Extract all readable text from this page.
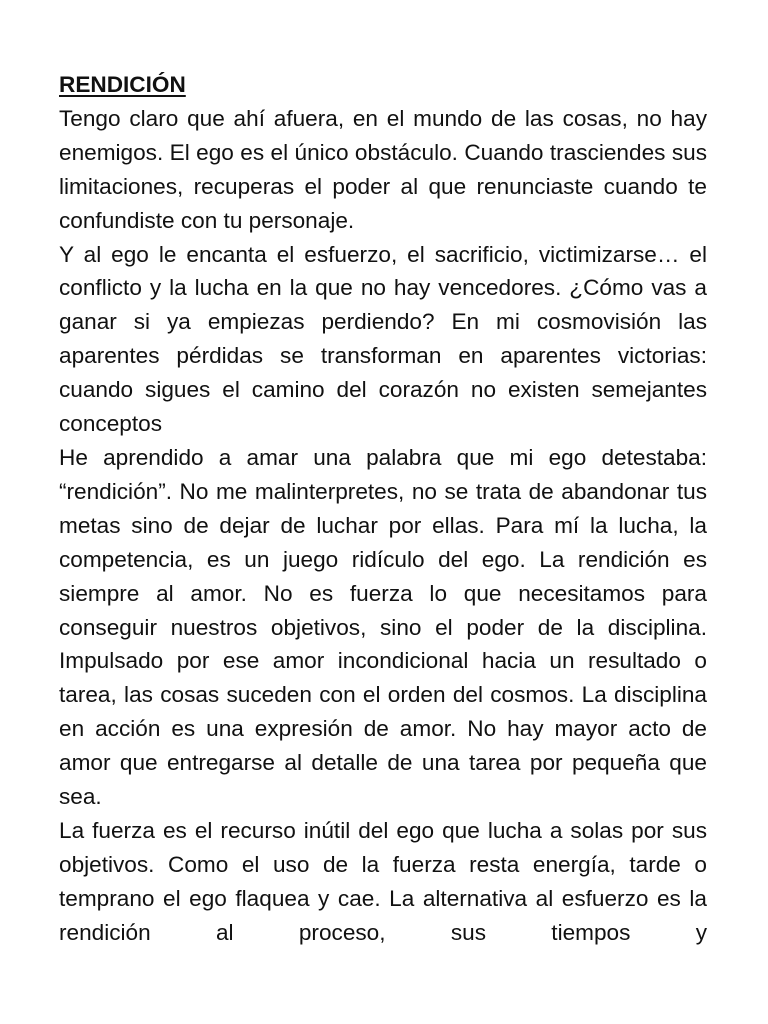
RENDICIÓN

Tengo claro que ahí afuera, en el mundo de las cosas, no hay enemigos. El ego es el único obstáculo. Cuando trasciendes sus limitaciones, recuperas el poder al que renunciaste cuando te confundiste con tu personaje.

Y al ego le encanta el esfuerzo, el sacrificio, victimizarse… el conflicto y la lucha en la que no hay vencedores. ¿Cómo vas a ganar si ya empiezas perdiendo? En mi cosmovisión las aparentes pérdidas se transforman en aparentes victorias: cuando sigues el camino del corazón no existen semejantes conceptos

He aprendido a amar una palabra que mi ego detestaba: “rendición”. No me malinterpretes, no se trata de abandonar tus metas sino de dejar de luchar por ellas. Para mí la lucha, la competencia, es un juego ridículo del ego. La rendición es siempre al amor. No es fuerza lo que necesitamos para conseguir nuestros objetivos, sino el poder de la disciplina. Impulsado por ese amor incondicional hacia un resultado o tarea, las cosas suceden con el orden del cosmos. La disciplina en acción es una expresión de amor. No hay mayor acto de amor que entregarse al detalle de una tarea por pequeña que sea.

La fuerza es el recurso inútil del ego que lucha a solas por sus objetivos. Como el uso de la fuerza resta energía, tarde o temprano el ego flaquea y cae. La alternativa al esfuerzo es la rendición al proceso, sus tiempos y
